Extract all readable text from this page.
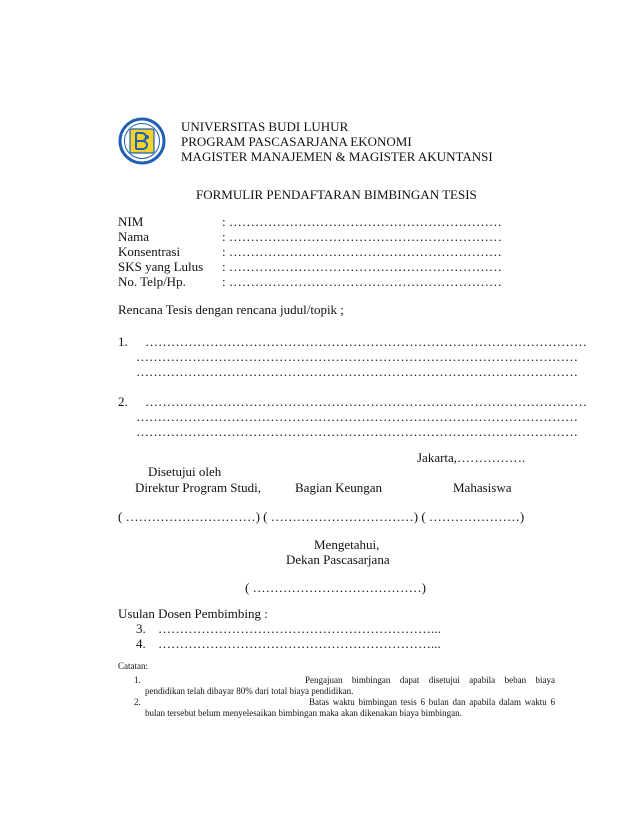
UNIVERSITAS BUDI LUHUR
PROGRAM PASCASARJANA EKONOMI
MAGISTER MANAJEMEN & MAGISTER AKUNTANSI
FORMULIR PENDAFTARAN BIMBINGAN TESIS
NIM	: ………………………………………………………
Nama	: ………………………………………………………
Konsentrasi	: ………………………………………………………
SKS yang Lulus : ………………………………………………………
No. Telp/Hp.	: ………………………………………………………
Rencana Tesis dengan rencana judul/topik ;
1. …………………………………………………………………………………………
…………………………………………………………………………………………
…………………………………………………………………………………………
2. …………………………………………………………………………………………
…………………………………………………………………………………………
…………………………………………………………………………………………
Jakarta,…………….
Disetujui oleh
Direktur Program Studi,	Bagian Keungan	Mahasiswa
( …………………………) ( ……………………………) ( …………………)
Mengetahui,
Dekan Pascasarjana
( …………………………………)
Usulan Dosen Pembimbing :
3. ………………………………………………………...
4. ………………………………………………………...
Catatan:
1.	Pengajuan bimbingan dapat disetujui apabila beban biaya
pendidikan telah dibayar 80% dari total biaya pendidikan.
2.	Batas waktu bimbingan tesis 6 bulan dan apabila dalam waktu 6
bulan tersebut belum menyelesaikan bimbingan maka akan dikenakan biaya bimbingan.
